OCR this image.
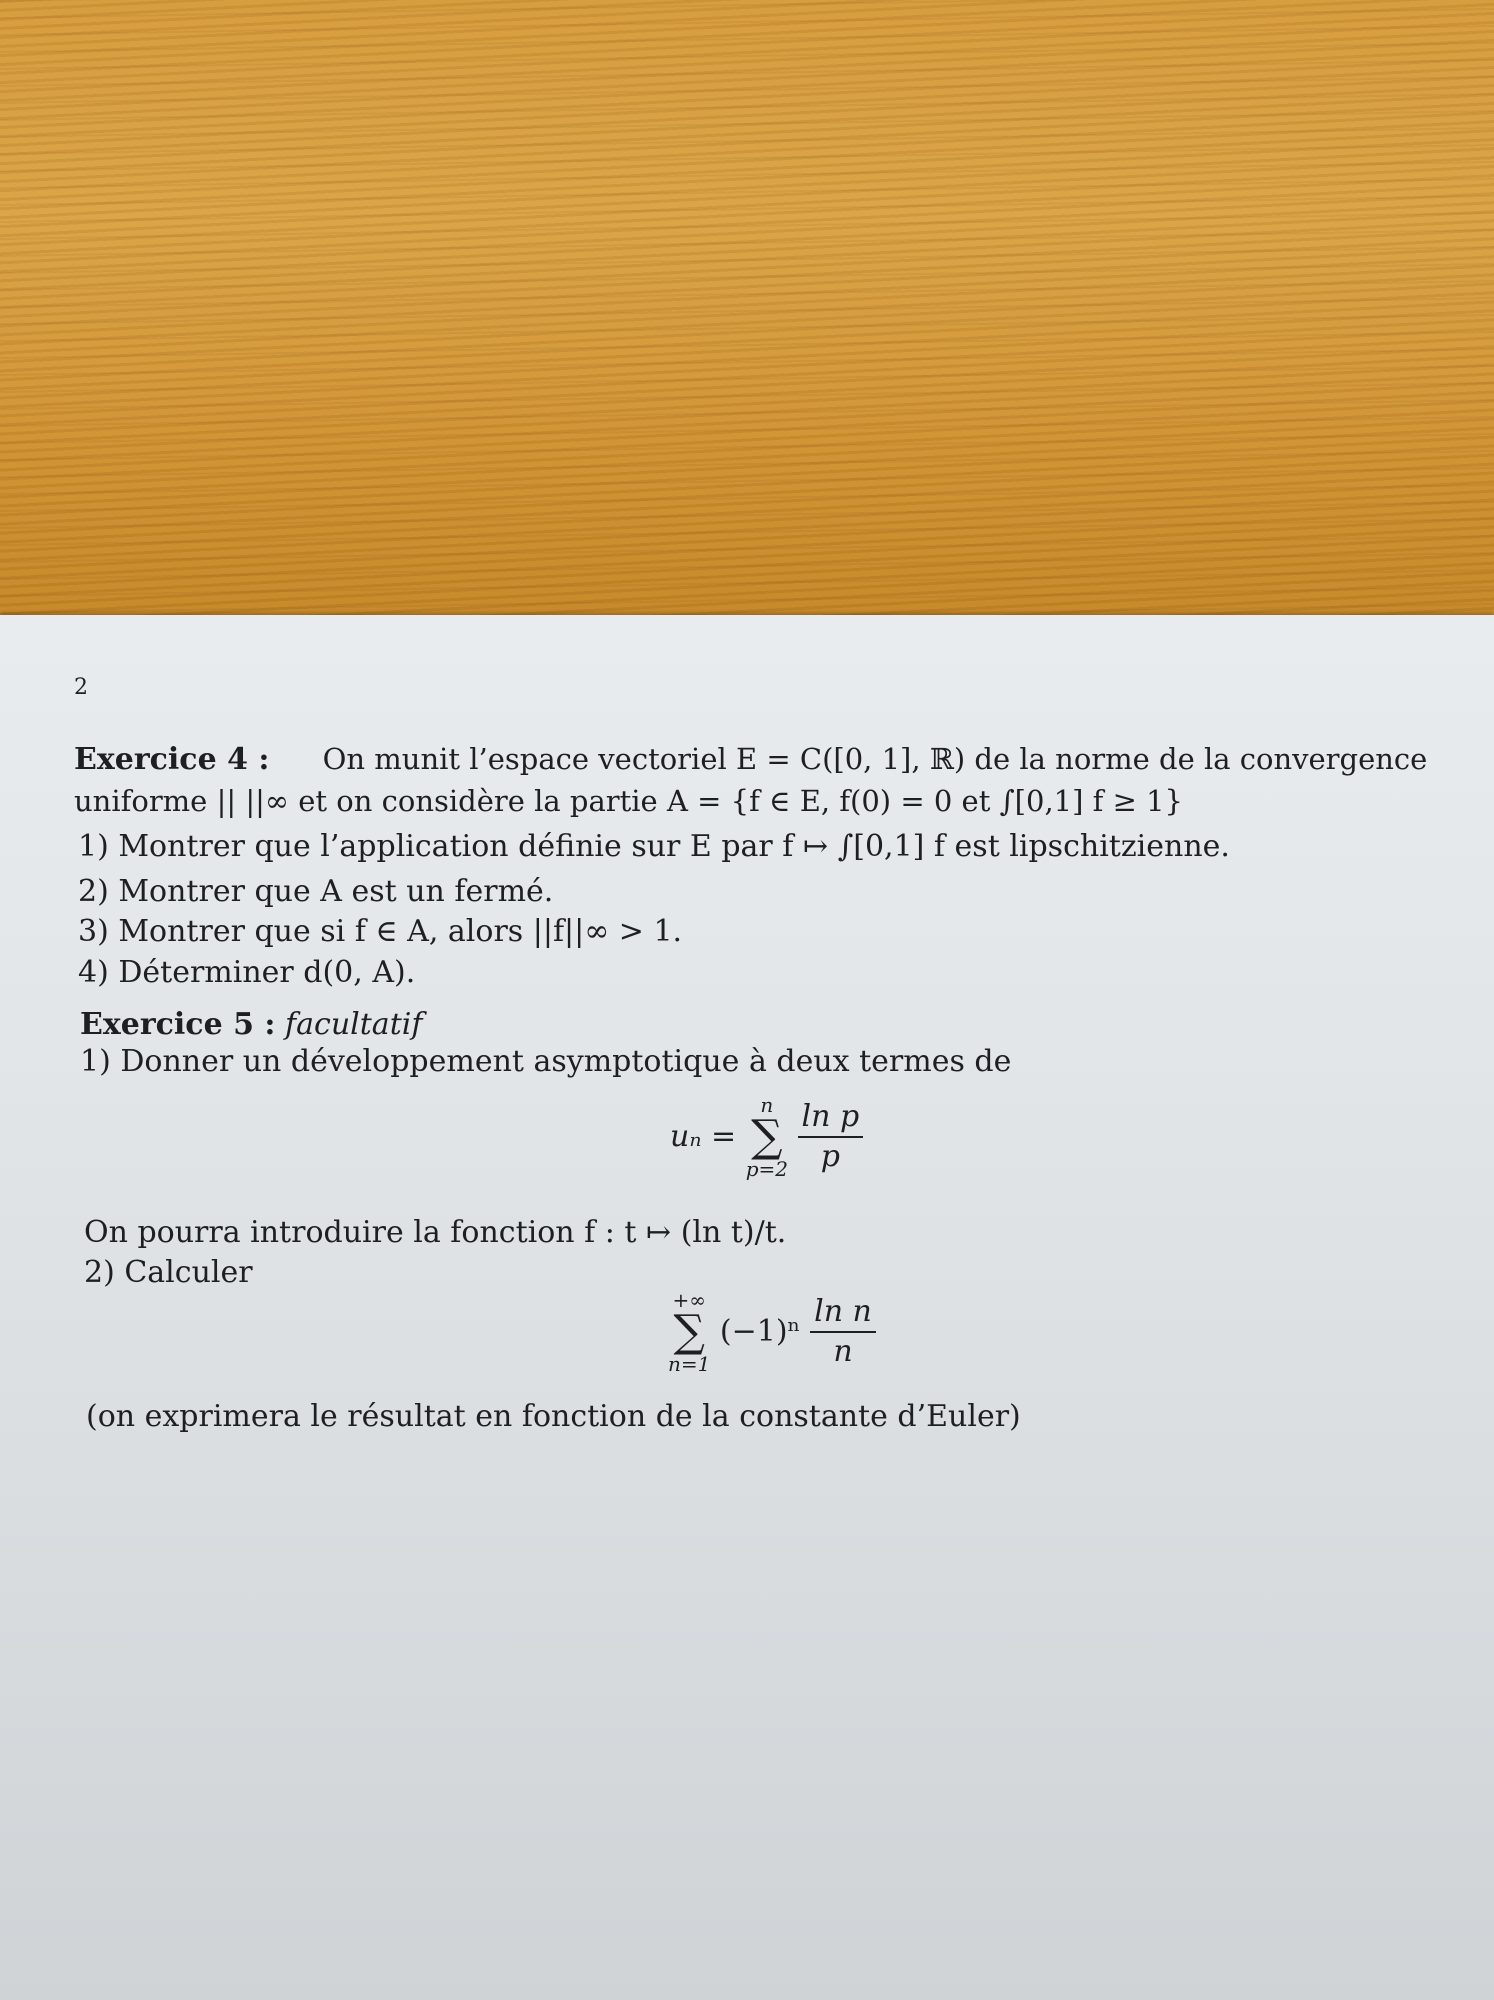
2
Exercice 4 : On munit l’espace vectoriel E = C([0, 1], ℝ) de la norme de la convergence
uniforme || ||∞ et on considère la partie A = {f ∈ E, f(0) = 0 et ∫[0,1] f ≥ 1}
1) Montrer que l’application définie sur E par f ↦ ∫[0,1] f est lipschitzienne.
2) Montrer que A est un fermé.
3) Montrer que si f ∈ A, alors ||f||∞ > 1.
4) Déterminer d(0, A).
Exercice 5 : facultatif
1) Donner un développement asymptotique à deux termes de
uₙ =
n
∑
p=2
$\frac{\text{ln p}}{p}$
On pourra introduire la fonction f : t ↦ (ln t)/t.
2) Calculer
+∞
∑
n=1
$(-1)^n \frac{\text{ln n}}{n}$
(on exprimera le résultat en fonction de la constante d’Euler)
